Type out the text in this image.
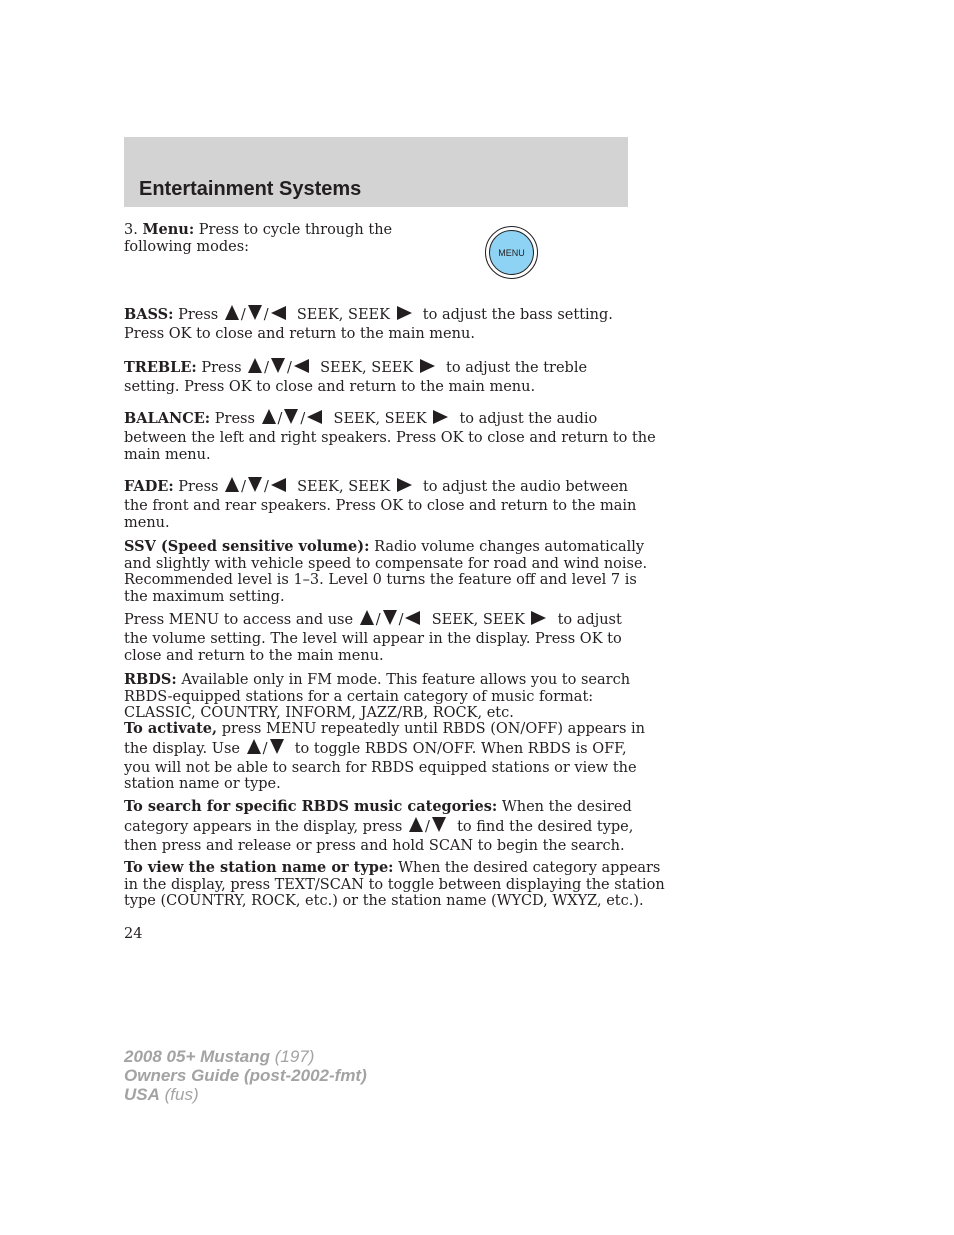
Entertainment Systems
3. Menu: Press to cycle through the
following modes:	MENU
BASS: Press / / SEEK, SEEK to adjust the bass setting.
Press OK to close and return to the main menu.
TREBLE: Press / / SEEK, SEEK to adjust the treble
setting. Press OK to close and return to the main menu.
BALANCE: Press / / SEEK, SEEK to adjust the audio
between the left and right speakers. Press OK to close and return to the
main menu.
FADE: Press / / SEEK, SEEK to adjust the audio between
the front and rear speakers. Press OK to close and return to the main
menu.
SSV (Speed sensitive volume): Radio volume changes automatically
and slightly with vehicle speed to compensate for road and wind noise.
Recommended level is 1–3. Level 0 turns the feature off and level 7 is
the maximum setting.
Press MENU to access and use / / SEEK, SEEK to adjust
the volume setting. The level will appear in the display. Press OK to
close and return to the main menu.
RBDS: Available only in FM mode. This feature allows you to search
RBDS-equipped stations for a certain category of music format:
CLASSIC, COUNTRY, INFORM, JAZZ/RB, ROCK, etc.
To activate, press MENU repeatedly until RBDS (ON/OFF) appears in
the display. Use / to toggle RBDS ON/OFF. When RBDS is OFF,
you will not be able to search for RBDS equipped stations or view the
station name or type.
To search for specific RBDS music categories: When the desired
category appears in the display, press / to find the desired type,
then press and release or press and hold SCAN to begin the search.
To view the station name or type: When the desired category appears
in the display, press TEXT/SCAN to toggle between displaying the station
type (COUNTRY, ROCK, etc.) or the station name (WYCD, WXYZ, etc.).
24
2008 05+ Mustang (197)
Owners Guide (post-2002-fmt)
USA (fus)
